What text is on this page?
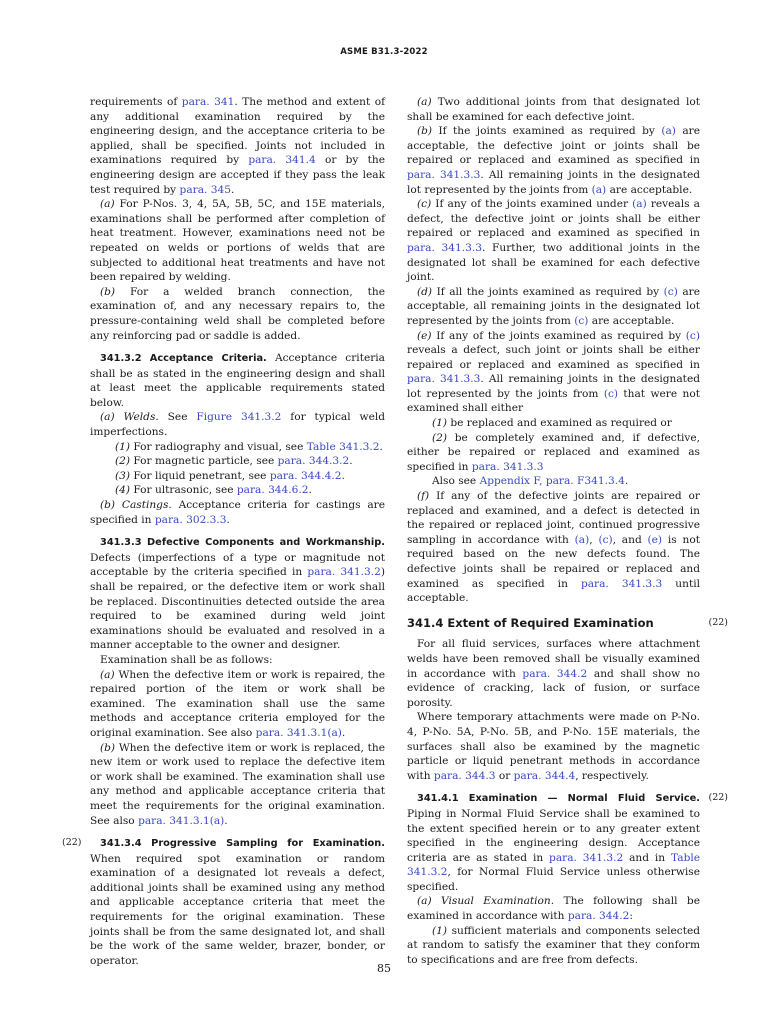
ASME B31.3-2022

requirements of para. 341. The method and extent of any additional examination required by the engineering design, and the acceptance criteria to be applied, shall be specified. Joints not included in examinations required by para. 341.4 or by the engineering design are accepted if they pass the leak test required by para. 345.

(a) For P-Nos. 3, 4, 5A, 5B, 5C, and 15E materials, examinations shall be performed after completion of heat treatment. However, examinations need not be repeated on welds or portions of welds that are subjected to additional heat treatments and have not been repaired by welding.

(b) For a welded branch connection, the examination of, and any necessary repairs to, the pressure-containing weld shall be completed before any reinforcing pad or saddle is added.

341.3.2 Acceptance Criteria. Acceptance criteria shall be as stated in the engineering design and shall at least meet the applicable requirements stated below.

(a) Welds. See Figure 341.3.2 for typical weld imperfections.

(1) For radiography and visual, see Table 341.3.2.

(2) For magnetic particle, see para. 344.3.2.

(3) For liquid penetrant, see para. 344.4.2.

(4) For ultrasonic, see para. 344.6.2.

(b) Castings. Acceptance criteria for castings are specified in para. 302.3.3.

341.3.3 Defective Components and Workmanship. Defects (imperfections of a type or magnitude not acceptable by the criteria specified in para. 341.3.2) shall be repaired, or the defective item or work shall be replaced. Discontinuities detected outside the area required to be examined during weld joint examinations should be evaluated and resolved in a manner acceptable to the owner and designer.

Examination shall be as follows:

(a) When the defective item or work is repaired, the repaired portion of the item or work shall be examined. The examination shall use the same methods and acceptance criteria employed for the original examination. See also para. 341.3.1(a).

(b) When the defective item or work is replaced, the new item or work used to replace the defective item or work shall be examined. The examination shall use any method and applicable acceptance criteria that meet the requirements for the original examination. See also para. 341.3.1(a).

(22) 341.3.4 Progressive Sampling for Examination. When required spot examination or random examination of a designated lot reveals a defect, additional joints shall be examined using any method and applicable acceptance criteria that meet the requirements for the original examination. These joints shall be from the same designated lot, and shall be the work of the same welder, brazer, bonder, or operator.

(a) Two additional joints from that designated lot shall be examined for each defective joint.

(b) If the joints examined as required by (a) are acceptable, the defective joint or joints shall be repaired or replaced and examined as specified in para. 341.3.3. All remaining joints in the designated lot represented by the joints from (a) are acceptable.

(c) If any of the joints examined under (a) reveals a defect, the defective joint or joints shall be either repaired or replaced and examined as specified in para. 341.3.3. Further, two additional joints in the designated lot shall be examined for each defective joint.

(d) If all the joints examined as required by (c) are acceptable, all remaining joints in the designated lot represented by the joints from (c) are acceptable.

(e) If any of the joints examined as required by (c) reveals a defect, such joint or joints shall be either repaired or replaced and examined as specified in para. 341.3.3. All remaining joints in the designated lot represented by the joints from (c) that were not examined shall either

(1) be replaced and examined as required or

(2) be completely examined and, if defective, either be repaired or replaced and examined as specified in para. 341.3.3

Also see Appendix F, para. F341.3.4.

(f) If any of the defective joints are repaired or replaced and examined, and a defect is detected in the repaired or replaced joint, continued progressive sampling in accordance with (a), (c), and (e) is not required based on the new defects found. The defective joints shall be repaired or replaced and examined as specified in para. 341.3.3 until acceptable.

(22)
341.4 Extent of Required Examination

For all fluid services, surfaces where attachment welds have been removed shall be visually examined in accordance with para. 344.2 and shall show no evidence of cracking, lack of fusion, or surface porosity.

Where temporary attachments were made on P-No. 4, P-No. 5A, P-No. 5B, and P-No. 15E materials, the surfaces shall also be examined by the magnetic particle or liquid penetrant methods in accordance with para. 344.3 or para. 344.4, respectively.

(22)
341.4.1 Examination — Normal Fluid Service. Piping in Normal Fluid Service shall be examined to the extent specified herein or to any greater extent specified in the engineering design. Acceptance criteria are as stated in para. 341.3.2 and in Table 341.3.2, for Normal Fluid Service unless otherwise specified.

(a) Visual Examination. The following shall be examined in accordance with para. 344.2:

(1) sufficient materials and components selected at random to satisfy the examiner that they conform to specifications and are free from defects.

85
